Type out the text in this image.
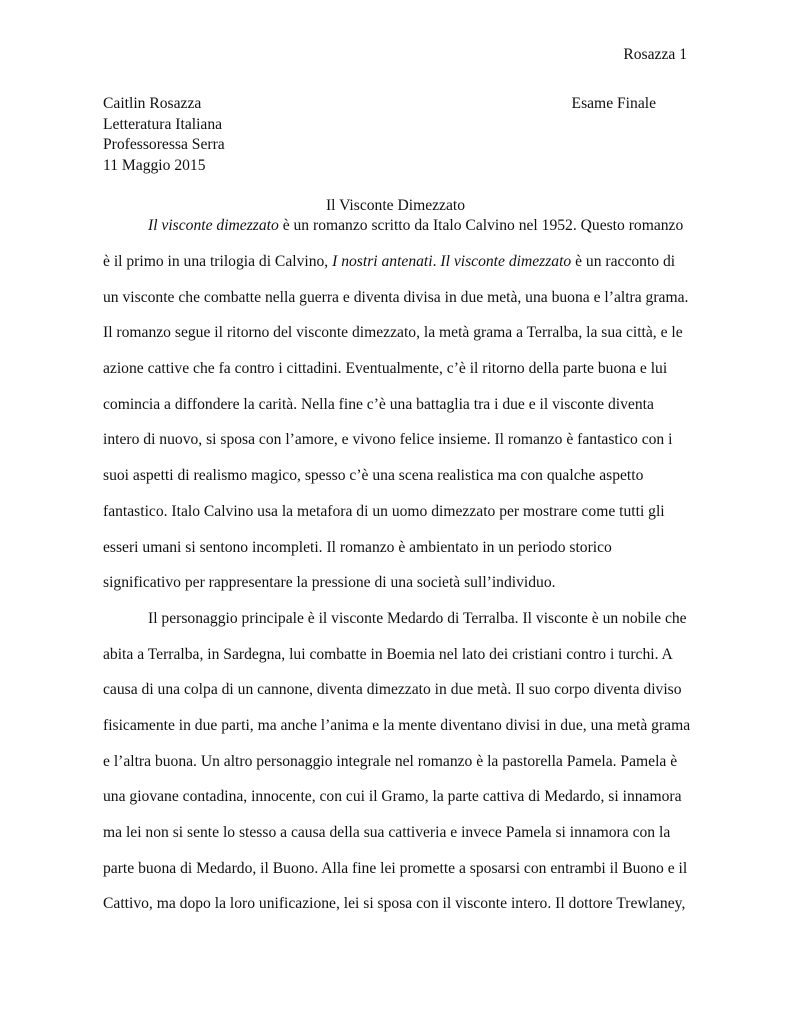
Rosazza 1
Caitlin Rosazza	Esame Finale
Letteratura Italiana
Professoressa Serra
11 Maggio 2015
Il Visconte Dimezzato
Il visconte dimezzato è un romanzo scritto da Italo Calvino nel 1952. Questo romanzo
è il primo in una trilogia di Calvino, I nostri antenati. Il visconte dimezzato è un racconto di
un visconte che combatte nella guerra e diventa divisa in due metà, una buona e l’altra grama.
Il romanzo segue il ritorno del visconte dimezzato, la metà grama a Terralba, la sua città, e le
azione cattive che fa contro i cittadini. Eventualmente, c’è il ritorno della parte buona e lui
comincia a diffondere la carità. Nella fine c’è una battaglia tra i due e il visconte diventa
intero di nuovo, si sposa con l’amore, e vivono felice insieme. Il romanzo è fantastico con i
suoi aspetti di realismo magico, spesso c’è una scena realistica ma con qualche aspetto
fantastico. Italo Calvino usa la metafora di un uomo dimezzato per mostrare come tutti gli
esseri umani si sentono incompleti. Il romanzo è ambientato in un periodo storico
significativo per rappresentare la pressione di una società sull’individuo.
Il personaggio principale è il visconte Medardo di Terralba. Il visconte è un nobile che
abita a Terralba, in Sardegna, lui combatte in Boemia nel lato dei cristiani contro i turchi. A
causa di una colpa di un cannone, diventa dimezzato in due metà. Il suo corpo diventa diviso
fisicamente in due parti, ma anche l’anima e la mente diventano divisi in due, una metà grama
e l’altra buona. Un altro personaggio integrale nel romanzo è la pastorella Pamela. Pamela è
una giovane contadina, innocente, con cui il Gramo, la parte cattiva di Medardo, si innamora
ma lei non si sente lo stesso a causa della sua cattiveria e invece Pamela si innamora con la
parte buona di Medardo, il Buono. Alla fine lei promette a sposarsi con entrambi il Buono e il
Cattivo, ma dopo la loro unificazione, lei si sposa con il visconte intero. Il dottore Trewlaney,
